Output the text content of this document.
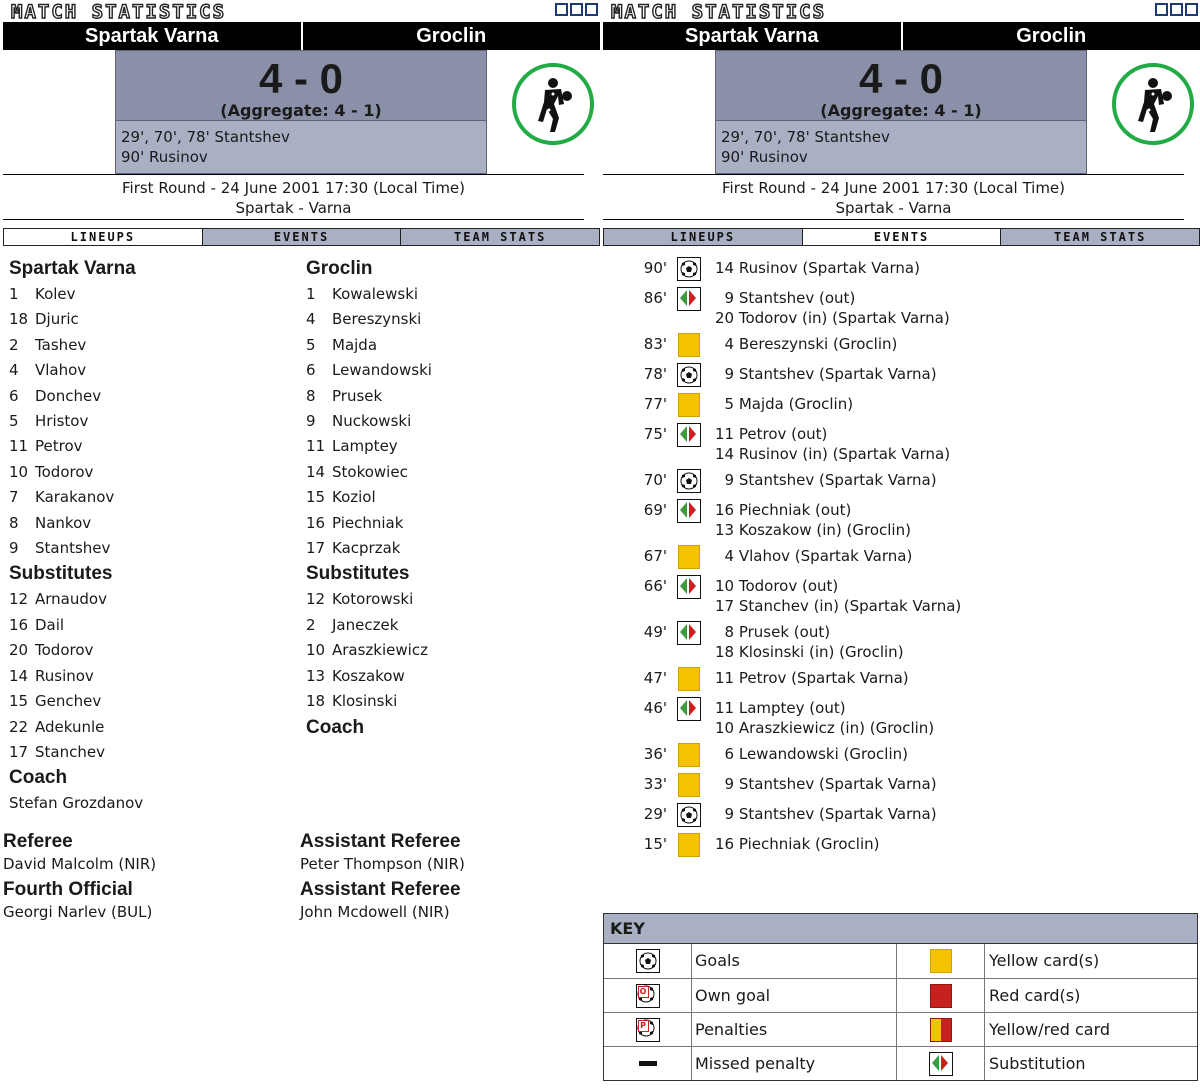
MATCH STATISTICS
Spartak Varna	Groclin
4 - 0
(Aggregate: 4 - 1)
29', 70', 78' Stantshev
90' Rusinov
First Round - 24 June 2001 17:30 (Local Time)
Spartak - Varna
LINEUPS	EVENTS	TEAM STATS
Spartak Varna
1	Kolev
18 Djuric
2	Tashev
4	Vlahov
6	Donchev
5	Hristov
11 Petrov
10 Todorov
7	Karakanov
8	Nankov
9	Stantshev
Substitutes
12 Arnaudov
16 Dail
20 Todorov
14 Rusinov
15 Genchev
22 Adekunle
17 Stanchev
Coach
Stefan Grozdanov
Groclin
1	Kowalewski
4	Bereszynski
5	Majda
6	Lewandowski
8	Prusek
9	Nuckowski
11 Lamptey
14 Stokowiec
15 Koziol
16 Piechniak
17 Kacprzak
Substitutes
12 Kotorowski
2	Janeczek
10 Araszkiewicz
13 Koszakow
18 Klosinski
Coach
Referee
David Malcolm (NIR)
Fourth Official
Georgi Narlev (BUL)
Assistant Referee
Peter Thompson (NIR)
Assistant Referee
John Mcdowell (NIR)
MATCH STATISTICS
Spartak Varna	Groclin
4 - 0
(Aggregate: 4 - 1)
29', 70', 78' Stantshev
90' Rusinov
First Round - 24 June 2001 17:30 (Local Time)
Spartak - Varna
LINEUPS	EVENTS	TEAM STATS
90'	14 Rusinov (Spartak Varna)
86'	9 Stantshev (out)
20 Todorov (in) (Spartak Varna)
83'	4 Bereszynski (Groclin)
78'	9 Stantshev (Spartak Varna)
77'	5 Majda (Groclin)
75'	11 Petrov (out)
14 Rusinov (in) (Spartak Varna)
70'	9 Stantshev (Spartak Varna)
69'	16 Piechniak (out)
13 Koszakow (in) (Groclin)
67'	4 Vlahov (Spartak Varna)
66'	10 Todorov (out)
17 Stanchev (in) (Spartak Varna)
49'	8 Prusek (out)
18 Klosinski (in) (Groclin)
47'	11 Petrov (Spartak Varna)
46'	11 Lamptey (out)
10 Araszkiewicz (in) (Groclin)
36'	6 Lewandowski (Groclin)
33'	9 Stantshev (Spartak Varna)
29'	9 Stantshev (Spartak Varna)
15'	16 Piechniak (Groclin)
KEY
Goals	Yellow card(s)
O	Own goal	Red card(s)
P	Penalties	Yellow/red card
Missed penalty	Substitution
